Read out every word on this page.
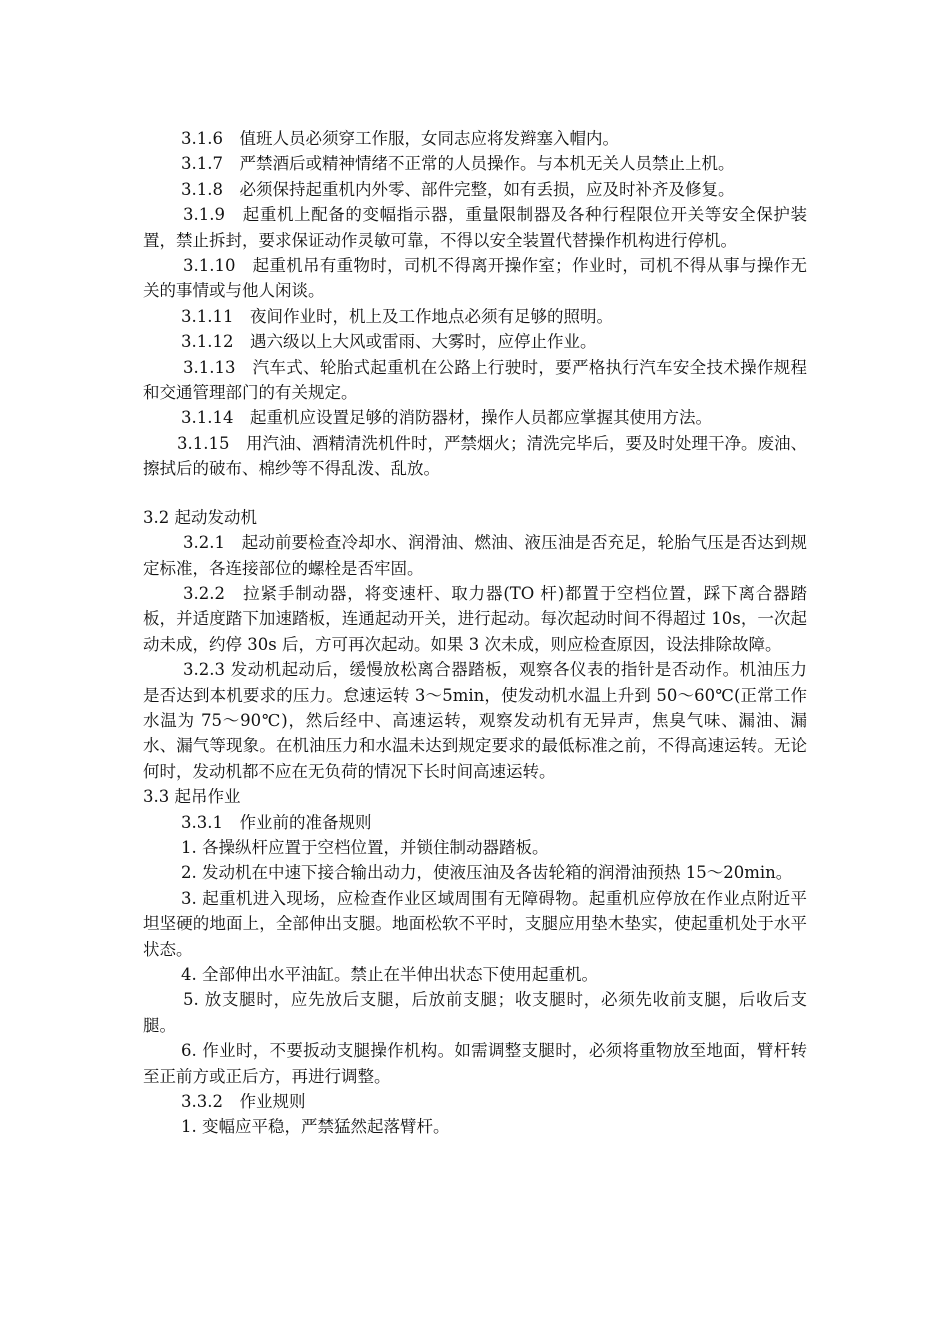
3.1.6　值班人员必须穿工作服，女同志应将发辫塞入帽内。

3.1.7　严禁酒后或精神情绪不正常的人员操作。与本机无关人员禁止上机。

3.1.8　必须保持起重机内外零、部件完整，如有丢损，应及时补齐及修复。

3.1.9　起重机上配备的变幅指示器，重量限制器及各种行程限位开关等安全保护装置，禁止拆封，要求保证动作灵敏可靠，不得以安全装置代替操作机构进行停机。

3.1.10　起重机吊有重物时，司机不得离开操作室；作业时，司机不得从事与操作无关的事情或与他人闲谈。

3.1.11　夜间作业时，机上及工作地点必须有足够的照明。

3.1.12　遇六级以上大风或雷雨、大雾时，应停止作业。

3.1.13　汽车式、轮胎式起重机在公路上行驶时，要严格执行汽车安全技术操作规程和交通管理部门的有关规定。

3.1.14　起重机应设置足够的消防器材，操作人员都应掌握其使用方法。

3.1.15　用汽油、酒精清洗机件时，严禁烟火；清洗完毕后，要及时处理干净。废油、擦拭后的破布、棉纱等不得乱泼、乱放。

3.2 起动发动机

3.2.1　起动前要检查冷却水、润滑油、燃油、液压油是否充足，轮胎气压是否达到规定标准，各连接部位的螺栓是否牢固。

3.2.2　拉紧手制动器，将变速杆、取力器(TO 杆)都置于空档位置，踩下离合器踏板，并适度踏下加速踏板，连通起动开关，进行起动。每次起动时间不得超过 10s，一次起动未成，约停 30s 后，方可再次起动。如果 3 次未成，则应检查原因，设法排除故障。

3.2.3 发动机起动后，缓慢放松离合器踏板，观察各仪表的指针是否动作。机油压力是否达到本机要求的压力。怠速运转 3～5min，使发动机水温上升到 50～60℃(正常工作水温为 75～90℃)，然后经中、高速运转，观察发动机有无异声，焦臭气味、漏油、漏水、漏气等现象。在机油压力和水温未达到规定要求的最低标准之前，不得高速运转。无论何时，发动机都不应在无负荷的情况下长时间高速运转。

3.3 起吊作业

3.3.1　作业前的准备规则

1. 各操纵杆应置于空档位置，并锁住制动器踏板。

2. 发动机在中速下接合输出动力，使液压油及各齿轮箱的润滑油预热 15～20min。

3. 起重机进入现场，应检查作业区域周围有无障碍物。起重机应停放在作业点附近平坦坚硬的地面上，全部伸出支腿。地面松软不平时，支腿应用垫木垫实，使起重机处于水平状态。

4. 全部伸出水平油缸。禁止在半伸出状态下使用起重机。

5. 放支腿时，应先放后支腿，后放前支腿；收支腿时，必须先收前支腿，后收后支腿。

6. 作业时，不要扳动支腿操作机构。如需调整支腿时，必须将重物放至地面，臂杆转至正前方或正后方，再进行调整。

3.3.2　作业规则

1. 变幅应平稳，严禁猛然起落臂杆。
